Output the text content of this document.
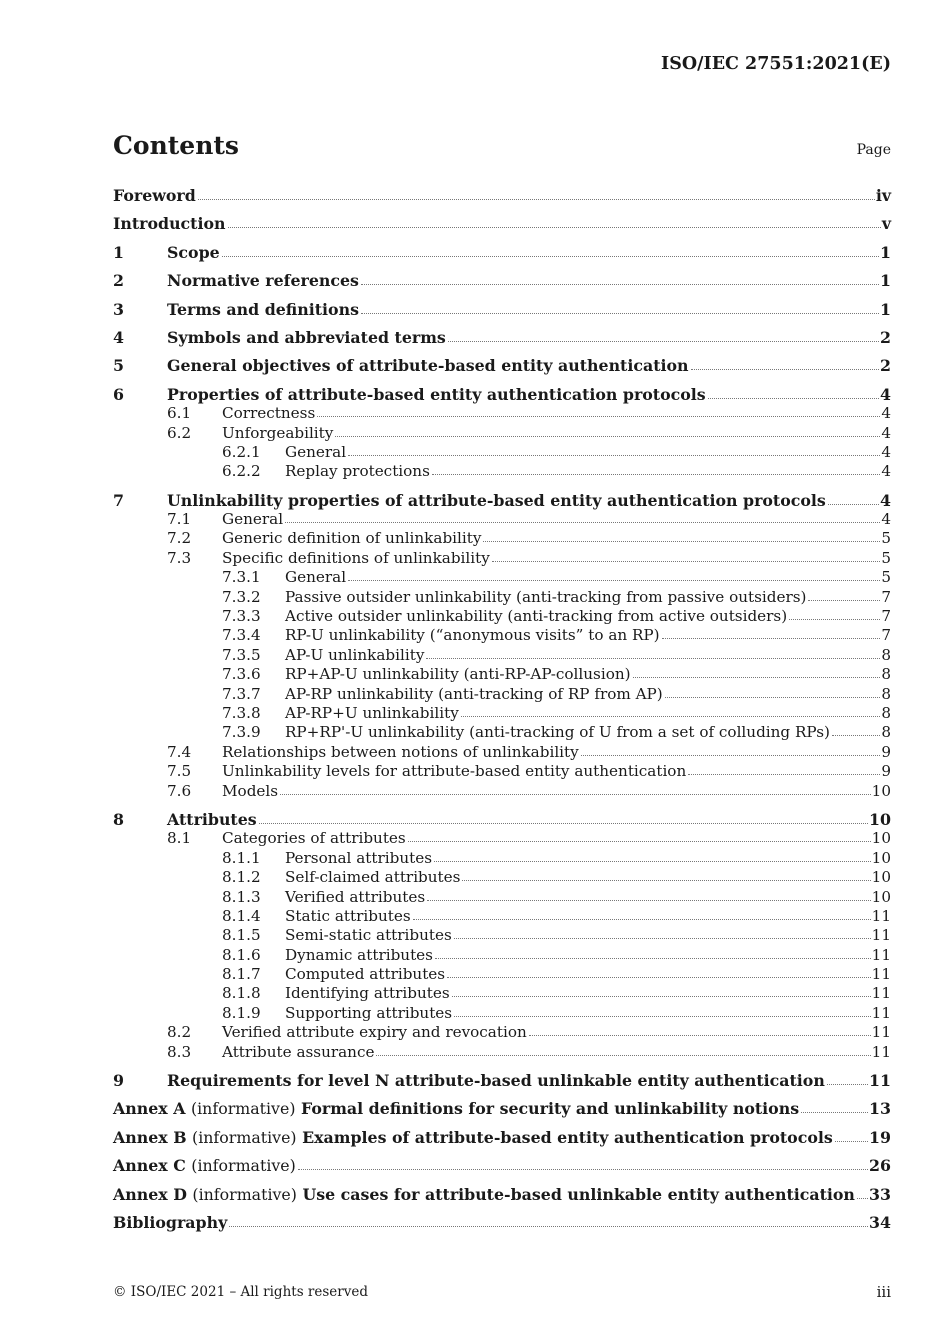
ISO/IEC 27551:2021(E)
Contents	Page
Foreword	iv
Introduction	v
1	Scope	1
2	Normative references	1
3	Terms and definitions	1
4	Symbols and abbreviated terms	2
5	General objectives of attribute-based entity authentication	2
6	Properties of attribute-based entity authentication protocols	4
6.1	Correctness	4
6.2	Unforgeability	4
6.2.1	General	4
6.2.2	Replay protections	4
7	Unlinkability properties of attribute-based entity authentication protocols	4
7.1	General	4
7.2	Generic definition of unlinkability	5
7.3	Specific definitions of unlinkability	5
7.3.1	General	5
7.3.2	Passive outsider unlinkability (anti-tracking from passive outsiders)	7
7.3.3	Active outsider unlinkability (anti-tracking from active outsiders)	7
7.3.4	RP-U unlinkability (“anonymous visits” to an RP)	7
7.3.5	AP-U unlinkability	8
7.3.6	RP+AP-U unlinkability (anti-RP-AP-collusion)	8
7.3.7	AP-RP unlinkability (anti-tracking of RP from AP)	8
7.3.8	AP-RP+U unlinkability	8
7.3.9	RP+RP'-U unlinkability (anti-tracking of U from a set of colluding RPs)	8
7.4	Relationships between notions of unlinkability	9
7.5	Unlinkability levels for attribute-based entity authentication	9
7.6	Models	10
8	Attributes	10
8.1	Categories of attributes	10
8.1.1	Personal attributes	10
8.1.2	Self-claimed attributes	10
8.1.3	Verified attributes	10
8.1.4	Static attributes	11
8.1.5	Semi-static attributes	11
8.1.6	Dynamic attributes	11
8.1.7	Computed attributes	11
8.1.8	Identifying attributes	11
8.1.9	Supporting attributes	11
8.2	Verified attribute expiry and revocation	11
8.3	Attribute assurance	11
9	Requirements for level N attribute-based unlinkable entity authentication	11
Annex A (informative) Formal definitions for security and unlinkability notions	13
Annex B (informative) Examples of attribute-based entity authentication protocols 19
Annex C (informative)	26
Annex D (informative) Use cases for attribute-based unlinkable entity authentication 33
Bibliography	34
© ISO/IEC 2021 – All rights reserved	iii
